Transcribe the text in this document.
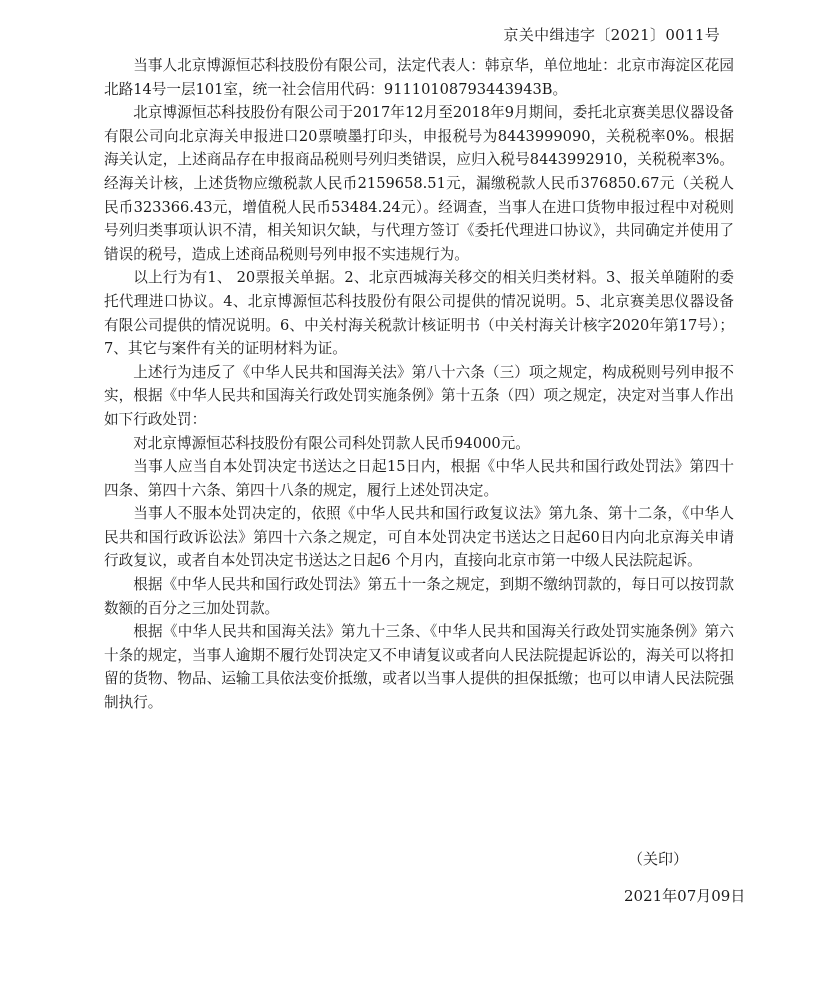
京关中缉违字〔2021〕0011号

当事人北京博源恒芯科技股份有限公司，法定代表人：韩京华，单位地址：北京市海淀区花园北路14号一层101室，统一社会信用代码：91110108793443943B。

北京博源恒芯科技股份有限公司于2017年12月至2018年9月期间，委托北京赛美思仪器设备有限公司向北京海关申报进口20票喷墨打印头，申报税号为8443999090，关税税率0%。根据海关认定，上述商品存在申报商品税则号列归类错误，应归入税号8443992910，关税税率3%。经海关计核，上述货物应缴税款人民币2159658.51元，漏缴税款人民币376850.67元（关税人民币323366.43元，增值税人民币53484.24元）。经调查，当事人在进口货物申报过程中对税则号列归类事项认识不清，相关知识欠缺，与代理方签订《委托代理进口协议》，共同确定并使用了错误的税号，造成上述商品税则号列申报不实违规行为。

以上行为有1、 20票报关单据。2、北京西城海关移交的相关归类材料。3、报关单随附的委托代理进口协议。4、北京博源恒芯科技股份有限公司提供的情况说明。5、北京赛美思仪器设备有限公司提供的情况说明。6、中关村海关税款计核证明书（中关村海关计核字2020年第17号）；7、其它与案件有关的证明材料为证。

上述行为违反了《中华人民共和国海关法》第八十六条（三）项之规定，构成税则号列申报不实，根据《中华人民共和国海关行政处罚实施条例》第十五条（四）项之规定，决定对当事人作出如下行政处罚：

对北京博源恒芯科技股份有限公司科处罚款人民币94000元。

当事人应当自本处罚决定书送达之日起15日内，根据《中华人民共和国行政处罚法》第四十四条、第四十六条、第四十八条的规定，履行上述处罚决定。

当事人不服本处罚决定的，依照《中华人民共和国行政复议法》第九条、第十二条，《中华人民共和国行政诉讼法》第四十六条之规定，可自本处罚决定书送达之日起60日内向北京海关申请行政复议，或者自本处罚决定书送达之日起6 个月内，直接向北京市第一中级人民法院起诉。

根据《中华人民共和国行政处罚法》第五十一条之规定，到期不缴纳罚款的，每日可以按罚款数额的百分之三加处罚款。

根据《中华人民共和国海关法》第九十三条、《中华人民共和国海关行政处罚实施条例》第六十条的规定，当事人逾期不履行处罚决定又不申请复议或者向人民法院提起诉讼的，海关可以将扣留的货物、物品、运输工具依法变价抵缴，或者以当事人提供的担保抵缴；也可以申请人民法院强制执行。

（关印）
2021年07月09日
